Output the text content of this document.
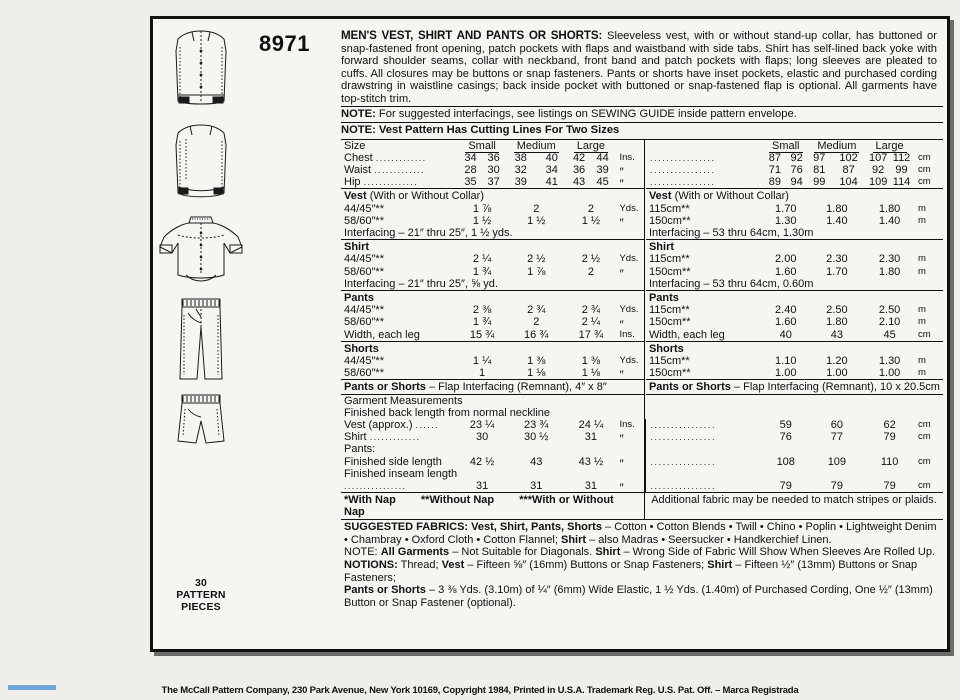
30
PATTERN
PIECES
8971	MEN'S VEST, SHIRT AND PANTS OR SHORTS: Sleeveless vest, with or without stand-up collar, has buttoned or snap-fastened front opening, patch pockets with flaps and waistband with side tabs. Shirt has self-lined back yoke with forward shoulder seams, collar with neckband, front band and patch pockets with flaps; long sleeves are pleated to cuffs. All closures may be buttons or snap fasteners. Pants or shorts have inset pockets, elastic and purchased cording drawstring in waistline casings; back inside pocket with buttoned or snap-fastened flap is optional. All garments have top-stitch trim.
NOTE: For suggested interfacings, see listings on SEWING GUIDE inside pattern envelope.
NOTE: Vest Pattern Has Cutting Lines For Two Sizes
Size	Small		Medium		Large		
Chest .............	34	36	38	40	42	44	Ins.
Waist .............	28	30	32	34	36	39	″
Hip ..............	35	37	39	41	43	45	″
Vest (With or Without Collar)							
44/45″**	1 ⅞		2		2		Yds.
58/60″**	1 ½		1 ½		1 ½		″
Interfacing – 21″ thru 25″, 1 ½ yds.							
Shirt							
44/45″**	2 ¼		2 ½		2 ½		Yds.
58/60″**	1 ¾		1 ⅞		2		″
Interfacing – 21″ thru 25″, ⅝ yd.							
Pants							
44/45″**	2 ⅜		2 ¾		2 ¾		Yds.
58/60″**	1 ¾		2		2 ¼		″
Width, each leg	15 ¾		16 ¾		17 ¾		Ins.
Shorts							
44/45″**	1 ¼		1 ⅜		1 ⅜		Yds.
58/60″**	1		1 ⅛		1 ⅛		″
Pants or Shorts – Flap Interfacing (Remnant), 4″ x 8″							
Garment Measurements							
Finished back length from normal neckline							
Vest (approx.) ......	23 ¼		23 ¾		24 ¼		Ins.
Shirt .............	30		30 ½		31		″
Pants:							
Finished side length	42 ½		43		43 ½		″
Finished inseam length							
................	31		31		31		″
	Small		Medium		Large		
................	87	92	97	102	107	112	cm
................	71	76	81	87	92	99	cm
................	89	94	99	104	109	114	cm
Vest (With or Without Collar)							
115cm**	1.70		1.80		1.80		m
150cm**	1.30		1.40		1.40		m
Interfacing – 53 thru 64cm, 1.30m							
Shirt							
115cm**	2.00		2.30		2.30		m
150cm**	1.60		1.70		1.80		m
Interfacing – 53 thru 64cm, 0.60m							
Pants							
115cm**	2.40		2.50		2.50		m
150cm**	1.60		1.80		2.10		m
Width, each leg	40		43		45		cm
Shorts							
115cm**	1.10		1.20		1.30		m
150cm**	1.00		1.00		1.00		m
Pants or Shorts – Flap Interfacing (Remnant), 10 x 20.5cm							

................	59		60		62		cm
................	76		77		79		cm

................	108		109		110		cm

................	79		79		79		cm
*With Nap **Without Nap ***With or Without Nap
Additional fabric may be needed to match stripes or plaids.
SUGGESTED FABRICS: Vest, Shirt, Pants, Shorts – Cotton • Cotton Blends • Twill • Chino • Poplin • Lightweight Denim
• Chambray • Oxford Cloth • Cotton Flannel; Shirt – also Madras • Seersucker • Handkerchief Linen.
NOTE: All Garments – Not Suitable for Diagonals. Shirt – Wrong Side of Fabric Will Show When Sleeves Are Rolled Up.
NOTIONS: Thread; Vest – Fifteen ⅝″ (16mm) Buttons or Snap Fasteners; Shirt – Fifteen ½″ (13mm) Buttons or Snap Fasteners;
Pants or Shorts – 3 ⅜ Yds. (3.10m) of ¼″ (6mm) Wide Elastic, 1 ½ Yds. (1.40m) of Purchased Cording, One ½″ (13mm)
Button or Snap Fastener (optional).
The McCall Pattern Company, 230 Park Avenue, New York 10169, Copyright 1984, Printed in U.S.A. Trademark Reg. U.S. Pat. Off. – Marca Registrada
